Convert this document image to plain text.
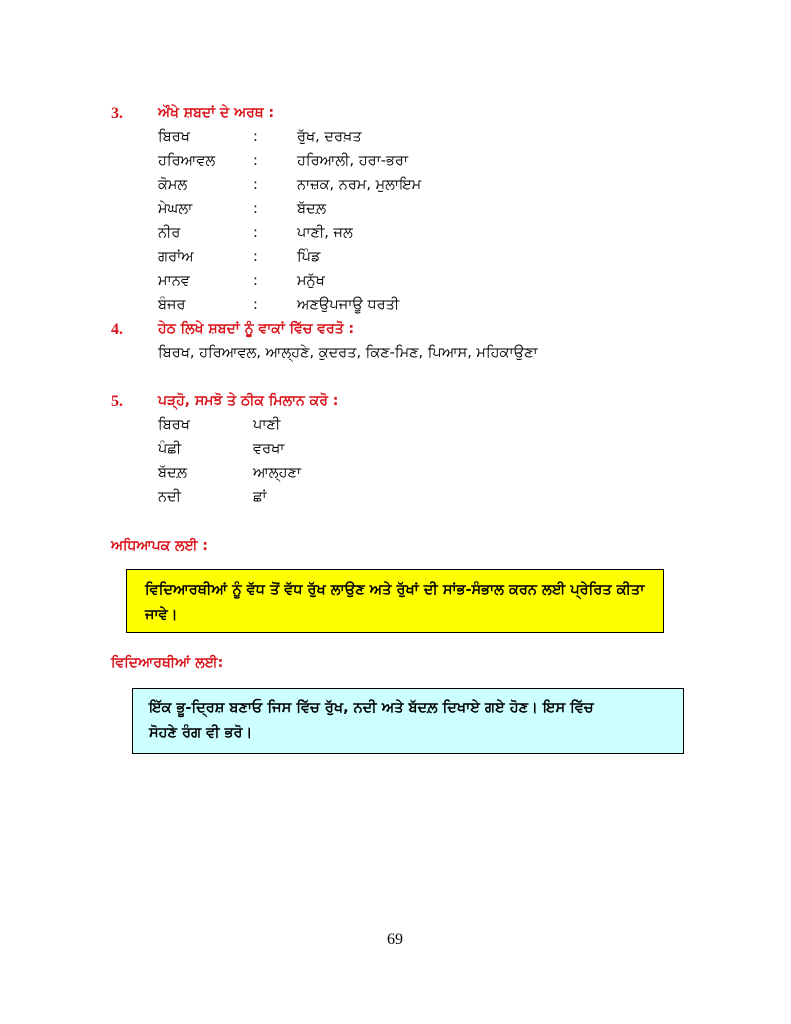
3.	ਔਖੇ ਸ਼ਬਦਾਂ ਦੇ ਅਰਥ :
ਬਿਰਖ	:	ਰੁੱਖ, ਦਰਖ਼ਤ
ਹਰਿਆਵਲ	:	ਹਰਿਆਲੀ, ਹਰਾ-ਭਰਾ
ਕੋਮਲ	:	ਨਾਜ਼ਕ, ਨਰਮ, ਮੁਲਾਇਮ
ਮੇਘਲਾ	:	ਬੱਦਲ਼
ਨੀਰ	:	ਪਾਣੀ, ਜਲ
ਗਰਾਂਅ	:	ਪਿੰਡ
ਮਾਨਵ	:	ਮਨੁੱਖ
ਬੰਜਰ	:	ਅਣਉਪਜਾਊ ਧਰਤੀ
4.	ਹੇਠ ਲਿਖੇ ਸ਼ਬਦਾਂ ਨੂੰ ਵਾਕਾਂ ਵਿੱਚ ਵਰਤੋ :
ਬਿਰਖ, ਹਰਿਆਵਲ, ਆਲ੍ਹਣੇ, ਕੁਦਰਤ, ਕਿਣ-ਮਿਣ, ਪਿਆਸ, ਮਹਿਕਾਉਣਾ
5.	ਪੜ੍ਹੋ, ਸਮਝੋ ਤੇ ਠੀਕ ਮਿਲਾਨ ਕਰੋ :
ਬਿਰਖ	ਪਾਣੀ
ਪੰਛੀ	ਵਰਖਾ
ਬੱਦਲ਼	ਆਲ੍ਹਣਾ
ਨਦੀ	ਛਾਂ
ਅਧਿਆਪਕ ਲਈ :
ਵਿਦਿਆਰਥੀਆਂ ਨੂੰ ਵੱਧ ਤੋਂ ਵੱਧ ਰੁੱਖ ਲਾਉਣ ਅਤੇ ਰੁੱਖਾਂ ਦੀ ਸਾਂਭ-ਸੰਭਾਲ ਕਰਨ ਲਈ ਪ੍ਰੇਰਿਤ ਕੀਤਾ
ਜਾਵੇ।
ਵਿਦਿਆਰਥੀਆਂ ਲਈ:
ਇੱਕ ਭੂ-ਦ੍ਰਿਸ਼ ਬਣਾਓ ਜਿਸ ਵਿੱਚ ਰੁੱਖ, ਨਦੀ ਅਤੇ ਬੱਦਲ਼ ਦਿਖਾਏ ਗਏ ਹੋਣ। ਇਸ ਵਿੱਚ
ਸੋਹਣੇ ਰੰਗ ਵੀ ਭਰੋ।
69
